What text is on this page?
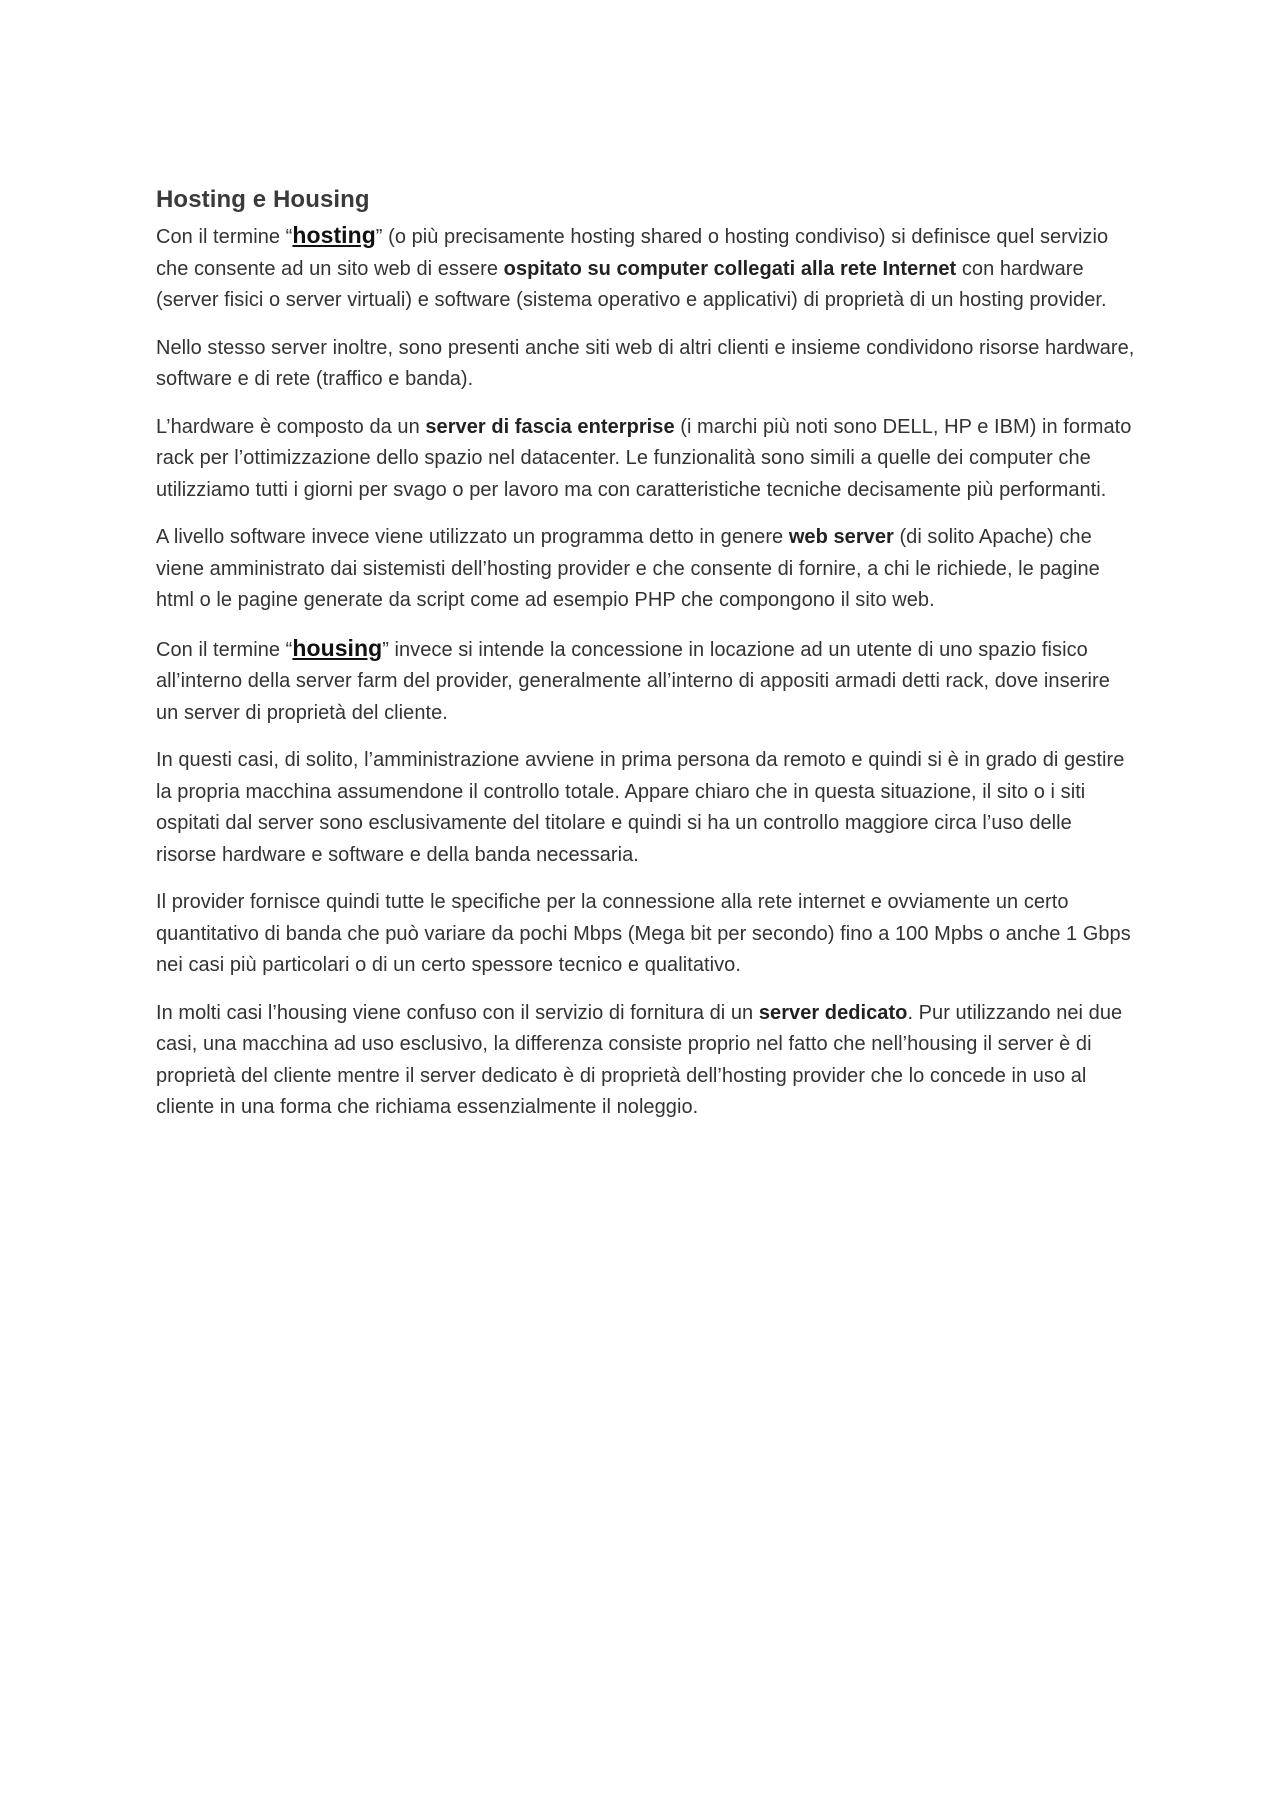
Hosting e Housing

Con il termine “hosting” (o più precisamente hosting shared o hosting condiviso) si definisce quel servizio che consente ad un sito web di essere ospitato su computer collegati alla rete Internet con hardware (server fisici o server virtuali) e software (sistema operativo e applicativi) di proprietà di un hosting provider.

Nello stesso server inoltre, sono presenti anche siti web di altri clienti e insieme condividono risorse hardware, software e di rete (traffico e banda).

L’hardware è composto da un server di fascia enterprise (i marchi più noti sono DELL, HP e IBM) in formato rack per l’ottimizzazione dello spazio nel datacenter. Le funzionalità sono simili a quelle dei computer che utilizziamo tutti i giorni per svago o per lavoro ma con caratteristiche tecniche decisamente più performanti.

A livello software invece viene utilizzato un programma detto in genere web server (di solito Apache) che viene amministrato dai sistemisti dell’hosting provider e che consente di fornire, a chi le richiede, le pagine html o le pagine generate da script come ad esempio PHP che compongono il sito web.

Con il termine “housing” invece si intende la concessione in locazione ad un utente di uno spazio fisico all’interno della server farm del provider, generalmente all’interno di appositi armadi detti rack, dove inserire un server di proprietà del cliente.

In questi casi, di solito, l’amministrazione avviene in prima persona da remoto e quindi si è in grado di gestire la propria macchina assumendone il controllo totale. Appare chiaro che in questa situazione, il sito o i siti ospitati dal server sono esclusivamente del titolare e quindi si ha un controllo maggiore circa l’uso delle risorse hardware e software e della banda necessaria.

Il provider fornisce quindi tutte le specifiche per la connessione alla rete internet e ovviamente un certo quantitativo di banda che può variare da pochi Mbps (Mega bit per secondo) fino a 100 Mpbs o anche 1 Gbps nei casi più particolari o di un certo spessore tecnico e qualitativo.

In molti casi l’housing viene confuso con il servizio di fornitura di un server dedicato. Pur utilizzando nei due casi, una macchina ad uso esclusivo, la differenza consiste proprio nel fatto che nell’housing il server è di proprietà del cliente mentre il server dedicato è di proprietà dell’hosting provider che lo concede in uso al cliente in una forma che richiama essenzialmente il noleggio.
